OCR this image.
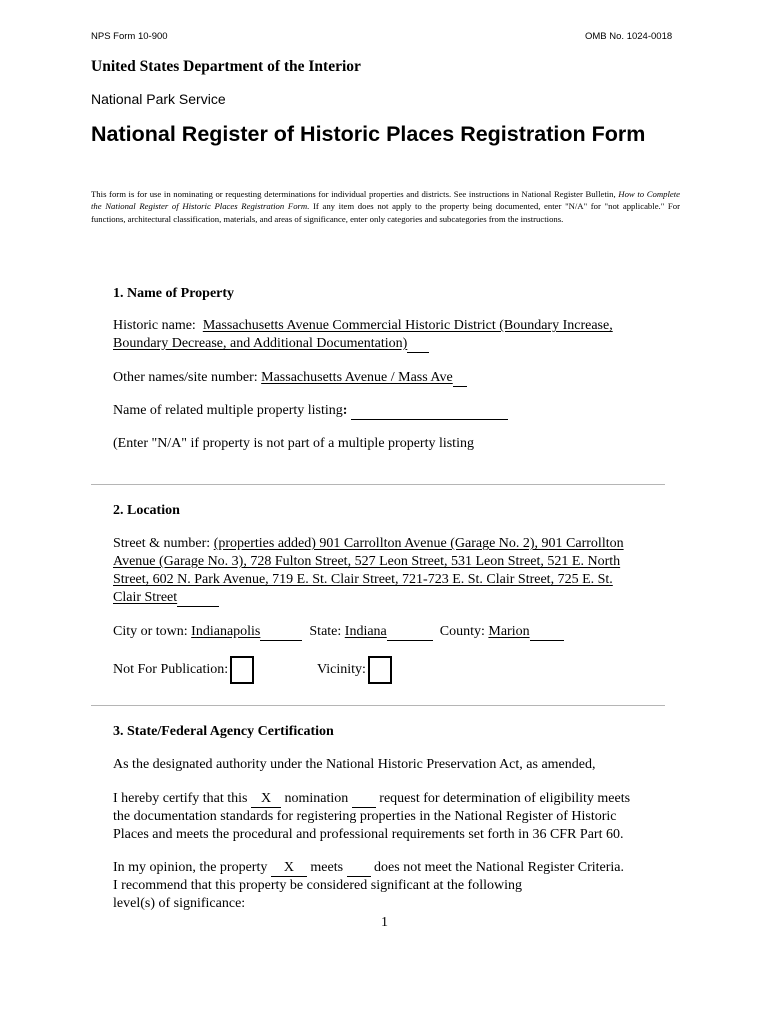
NPS Form 10-900	OMB No. 1024-0018
United States Department of the Interior
National Park Service
National Register of Historic Places Registration Form
This form is for use in nominating or requesting determinations for individual properties and districts. See instructions in National Register Bulletin, How to Complete the National Register of Historic Places Registration Form. If any item does not apply to the property being documented, enter "N/A" for "not applicable." For functions, architectural classification, materials, and areas of significance, enter only categories and subcategories from the instructions.
1. Name of Property
Historic name: Massachusetts Avenue Commercial Historic District (Boundary Increase,
Boundary Decrease, and Additional Documentation)
Other names/site number: Massachusetts Avenue / Mass Ave
Name of related multiple property listing:
(Enter "N/A" if property is not part of a multiple property listing
2. Location
Street & number: (properties added) 901 Carrollton Avenue (Garage No. 2), 901 Carrollton
Avenue (Garage No. 3), 728 Fulton Street, 527 Leon Street, 531 Leon Street, 521 E. North
Street, 602 N. Park Avenue, 719 E. St. Clair Street, 721-723 E. St. Clair Street, 725 E. St.
Clair Street
City or town: Indianapolis	State: Indiana	County: Marion
Not For Publication:	Vicinity:
3. State/Federal Agency Certification
As the designated authority under the National Historic Preservation Act, as amended,
I hereby certify that this X nomination request for determination of eligibility meets
the documentation standards for registering properties in the National Register of Historic
Places and meets the procedural and professional requirements set forth in 36 CFR Part 60.
In my opinion, the property X meets does not meet the National Register Criteria.
I recommend that this property be considered significant at the following
level(s) of significance:
1
